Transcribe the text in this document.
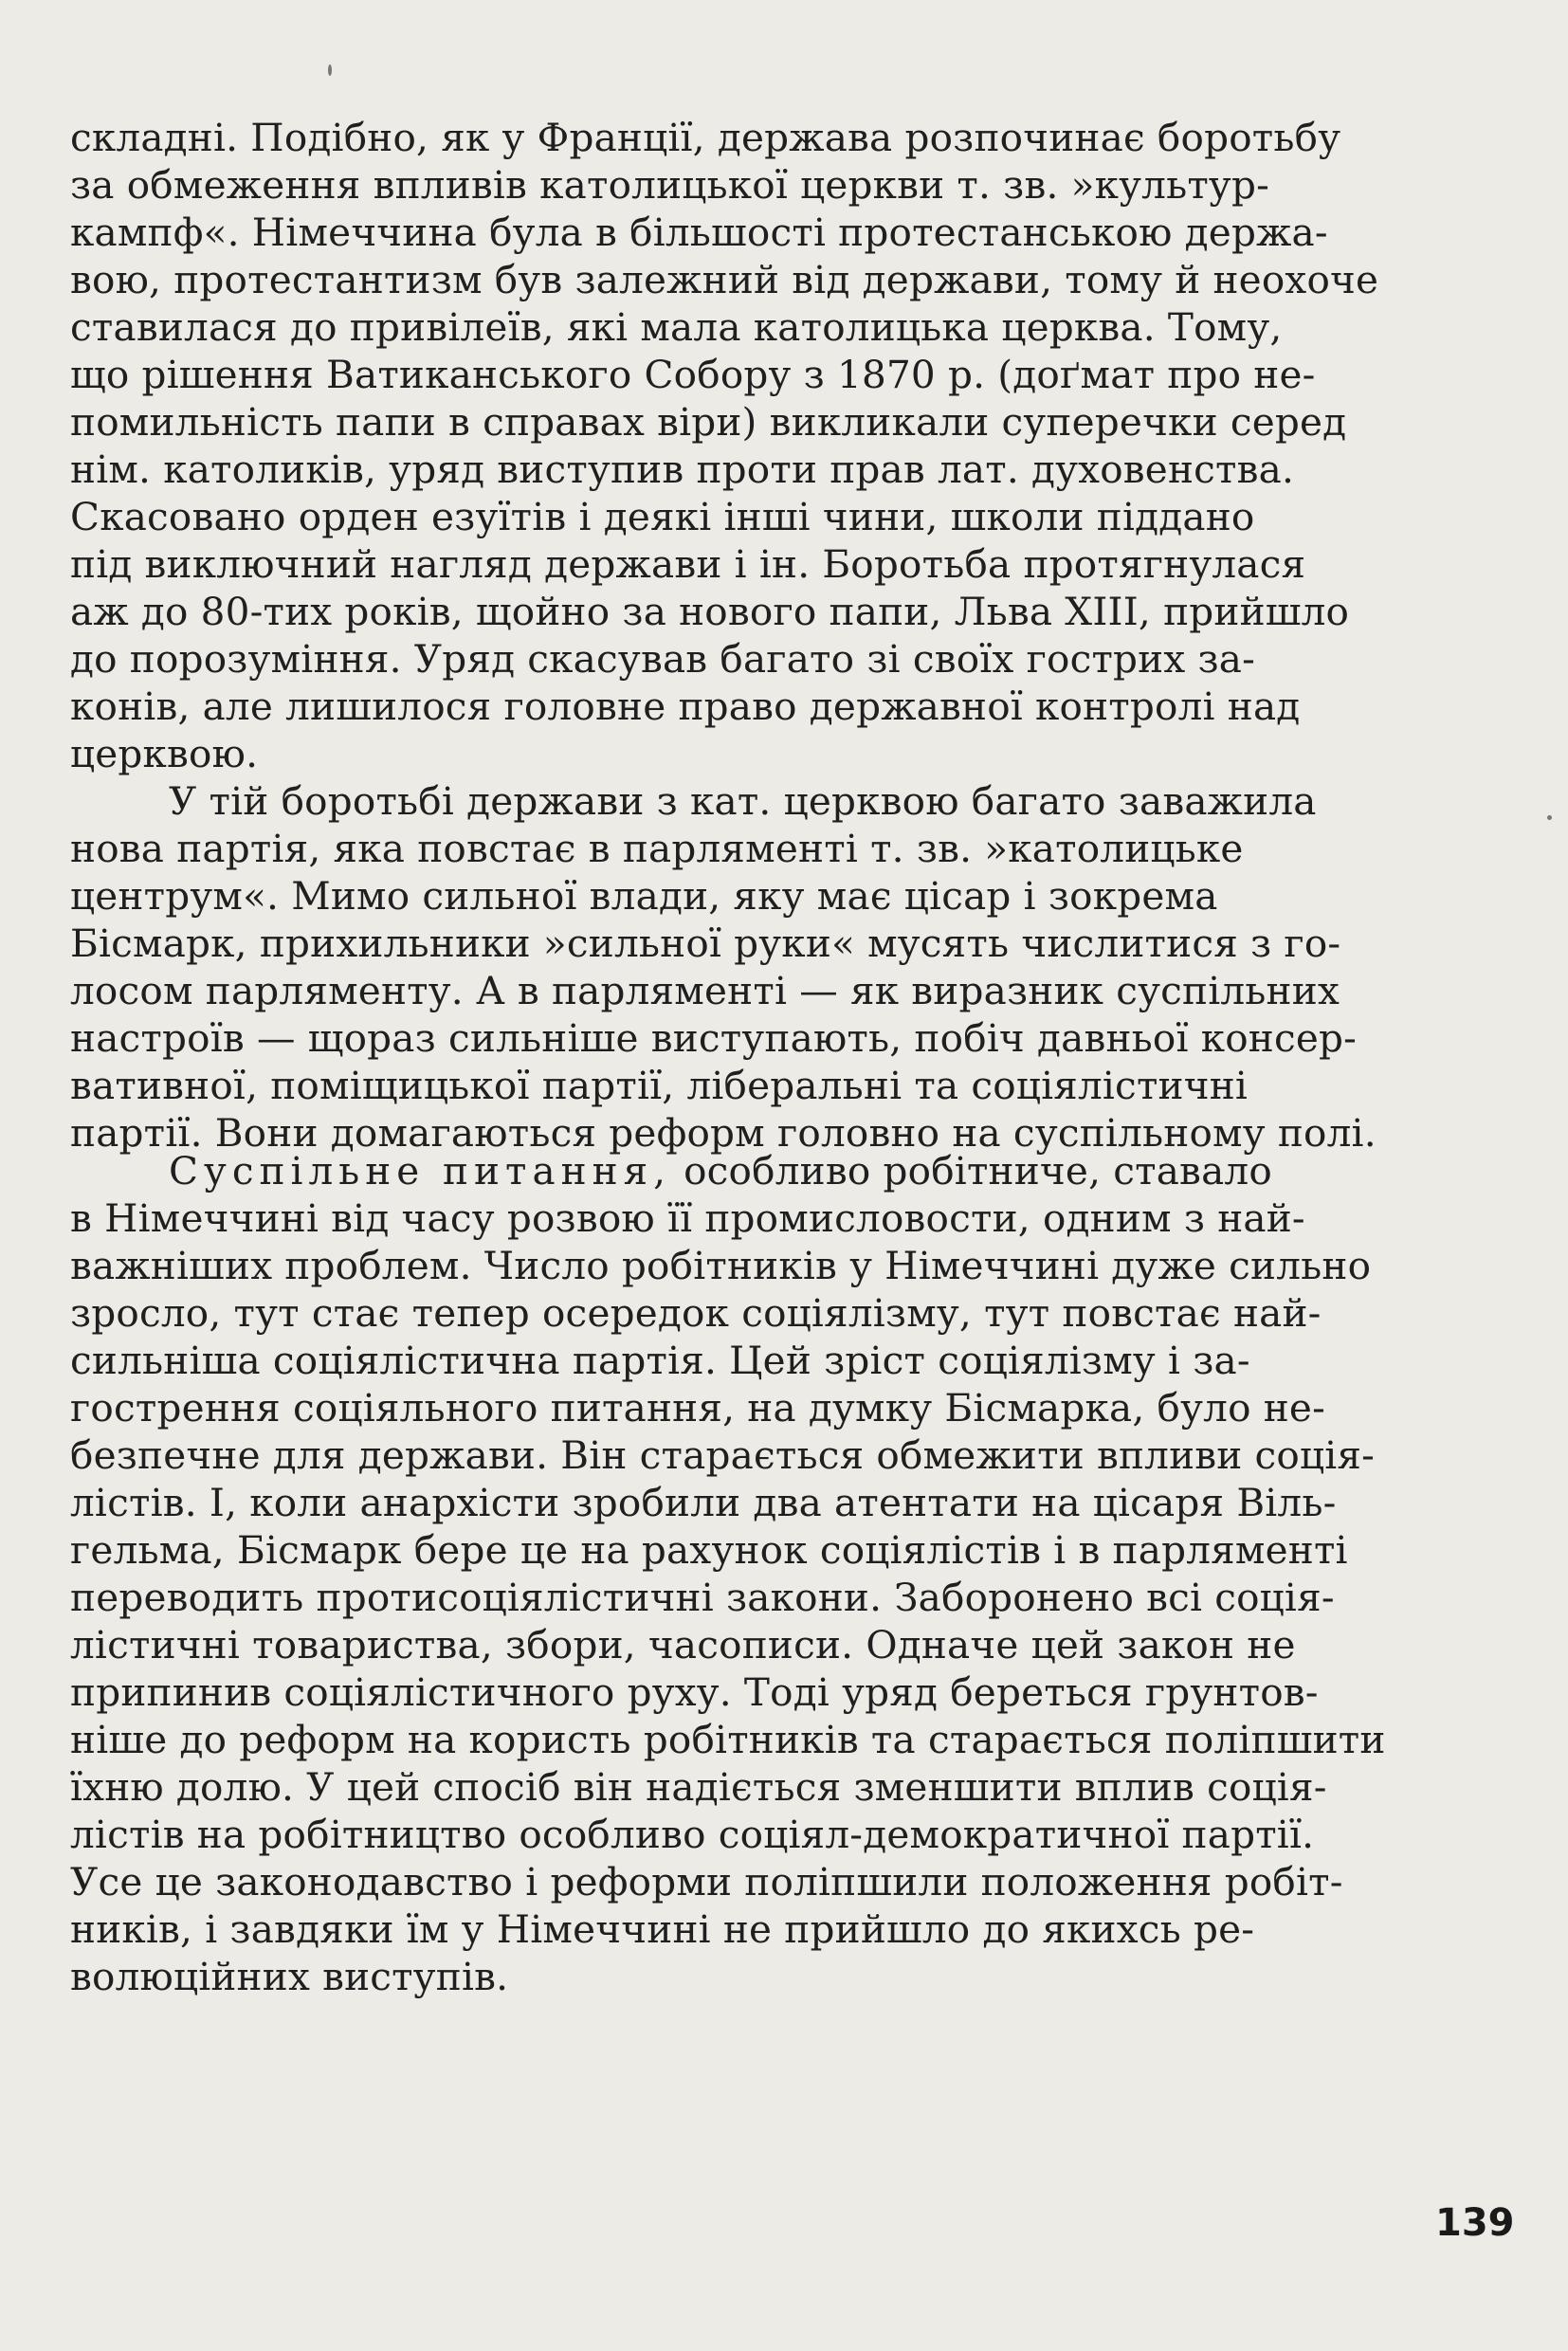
складні. Подібно, як у Франції, держава розпочинає боротьбу
за обмеження впливів католицької церкви т. зв. »культур-
кампф«. Німеччина була в більшості протестанською держа-
вою, протестантизм був залежний від держави, тому й неохоче
ставилася до привілеїв, які мала католицька церква. Тому,
що рішення Ватиканського Собору з 1870 р. (доґмат про не-
помильність папи в справах віри) викликали суперечки серед
нім. католиків, уряд виступив проти прав лат. духовенства.
Скасовано орден езуїтів і деякі інші чини, школи піддано
під виключний нагляд держави і ін. Боротьба протягнулася
аж до 80-тих років, щойно за нового папи, Льва XIII, прийшло
до порозуміння. Уряд скасував багато зі своїх гострих за-
конів, але лишилося головне право державної контролі над
церквою.
У тій боротьбі держави з кат. церквою багато заважила
нова партія, яка повстає в парляменті т. зв. »католицьке
центрум«. Мимо сильної влади, яку має цісар і зокрема
Бісмарк, прихильники »сильної руки« мусять числитися з го-
лосом парляменту. А в парляменті — як виразник суспільних
настроїв — щораз сильніше виступають, побіч давньої консер-
вативної, поміщицької партії, ліберальні та соціялістичні
партії. Вони домагаються реформ головно на суспільному полі.
Суспільне питання, особливо робітниче, ставало
в Німеччині від часу розвою її промисловости, одним з най-
важніших проблем. Число робітників у Німеччині дуже сильно
зросло, тут стає тепер осередок соціялізму, тут повстає най-
сильніша соціялістична партія. Цей зріст соціялізму і за-
гострення соціяльного питання, на думку Бісмарка, було не-
безпечне для держави. Він старається обмежити впливи соція-
лістів. І, коли анархісти зробили два атентати на цісаря Віль-
гельма, Бісмарк бере це на рахунок соціялістів і в парляменті
переводить протисоціялістичні закони. Заборонено всі соція-
лістичні товариства, збори, часописи. Одначе цей закон не
припинив соціялістичного руху. Тоді уряд береться грунтов-
ніше до реформ на користь робітників та старається поліпшити
їхню долю. У цей спосіб він надіється зменшити вплив соція-
лістів на робітництво особливо соціял-демократичної партії.
Усе це законодавство і реформи поліпшили положення робіт-
ників, і завдяки їм у Німеччині не прийшло до якихсь ре-
волюційних виступів.
139
